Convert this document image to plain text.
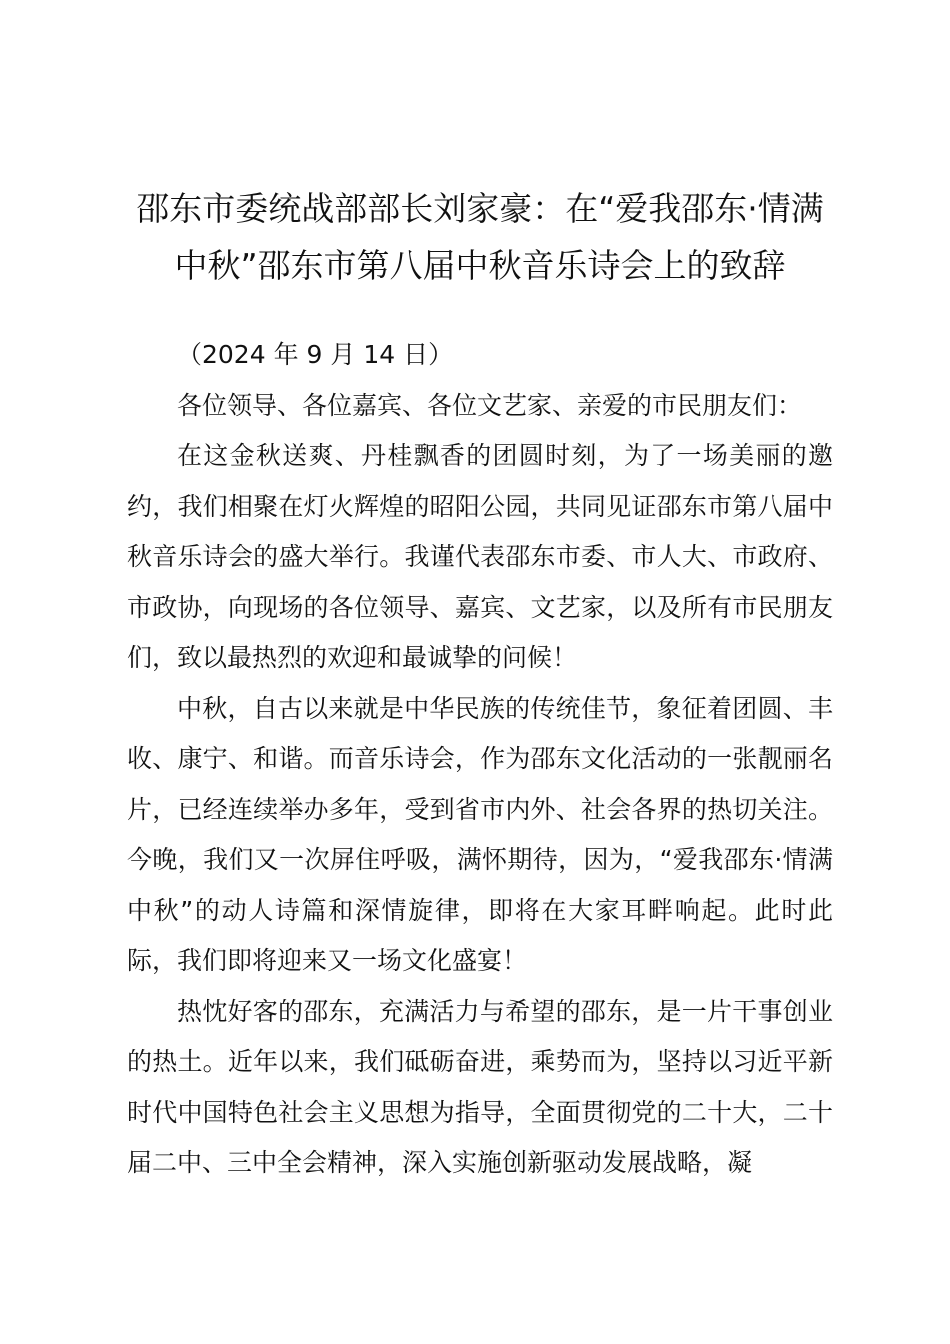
邵东市委统战部部长刘家豪：在“爱我邵东·情满中秋”邵东市第八届中秋音乐诗会上的致辞

（2024 年 9 月 14 日）

各位领导、各位嘉宾、各位文艺家、亲爱的市民朋友们：

在这金秋送爽、丹桂飘香的团圆时刻，为了一场美丽的邀约，我们相聚在灯火辉煌的昭阳公园，共同见证邵东市第八届中秋音乐诗会的盛大举行。我谨代表邵东市委、市人大、市政府、市政协，向现场的各位领导、嘉宾、文艺家，以及所有市民朋友们，致以最热烈的欢迎和最诚挚的问候！

中秋，自古以来就是中华民族的传统佳节，象征着团圆、丰收、康宁、和谐。而音乐诗会，作为邵东文化活动的一张靓丽名片，已经连续举办多年，受到省市内外、社会各界的热切关注。今晚，我们又一次屏住呼吸，满怀期待，因为，“爱我邵东·情满中秋”的动人诗篇和深情旋律，即将在大家耳畔响起。此时此际，我们即将迎来又一场文化盛宴！

热忱好客的邵东，充满活力与希望的邵东，是一片干事创业的热土。近年以来，我们砥砺奋进，乘势而为，坚持以习近平新时代中国特色社会主义思想为指导，全面贯彻党的二十大，二十届二中、三中全会精神，深入实施创新驱动发展战略，凝
